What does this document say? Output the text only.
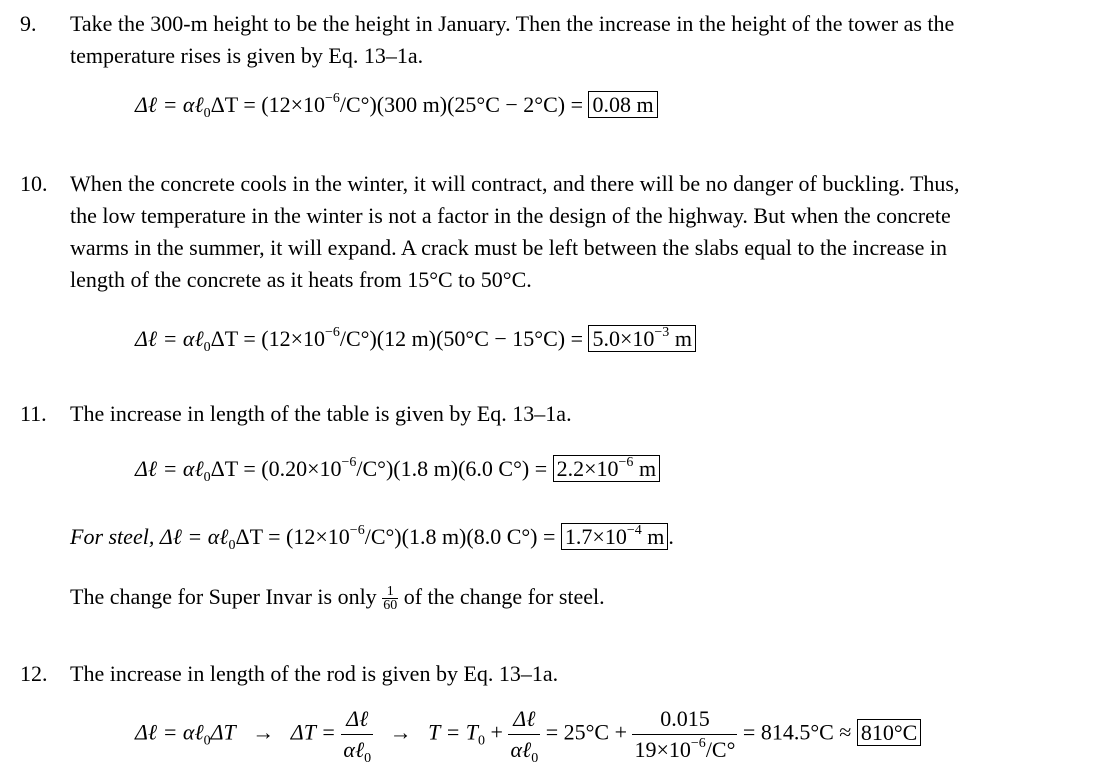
9. Take the 300-m height to be the height in January. Then the increase in the height of the tower as the
temperature rises is given by Eq. 13–1a.
Δℓ = αℓ$_0$ΔT = $(12\times 10^{-6}/C^\circ)(300$ m)(25°C − 2°C) = 0.08 m
10. When the concrete cools in the winter, it will contract, and there will be no danger of buckling. Thus,
the low temperature in the winter is not a factor in the design of the highway. But when the concrete
warms in the summer, it will expand. A crack must be left between the slabs equal to the increase in
length of the concrete as it heats from 15°C to 50°C.
Δℓ = αℓ$_0$ΔT = $(12\times 10^{-6}/C^\circ)(12$ $m)(50^\circ C - 15^\circ C) = 5.0\times 10^{-3}$ m
11. The increase in length of the table is given by Eq. 13–1a.
Δℓ = αℓ$_0$ΔT = $(0.20\times 10^{-6}/C^\circ)(1.8$ m)(6.0 $C^\circ) = 2.2\times 10^{-6}$ m
For steel, Δℓ = αℓ$_0$ΔT = $(12\times 10^{-6}/C^\circ)(1.8$ m)(8.0 $C^\circ) = 1.7\times 10^{-4}$ m .
The change for Super Invar is only $\frac{1}{60}$ of the change for steel.
12. The increase in length of the rod is given by Eq. 13–1a.
Δℓ = αℓ$_0$ΔT → $\Delta T = \frac{\text{Δℓ}}{\alpha\ell_0} \to T = T_0 + \frac{\text{Δℓ}}{\alpha\ell_0} = 25^\circ C + \frac{0.015}{19\times 10^{-6}/C^\circ} = 814.5^\circ C \approx 810^\circ C$
